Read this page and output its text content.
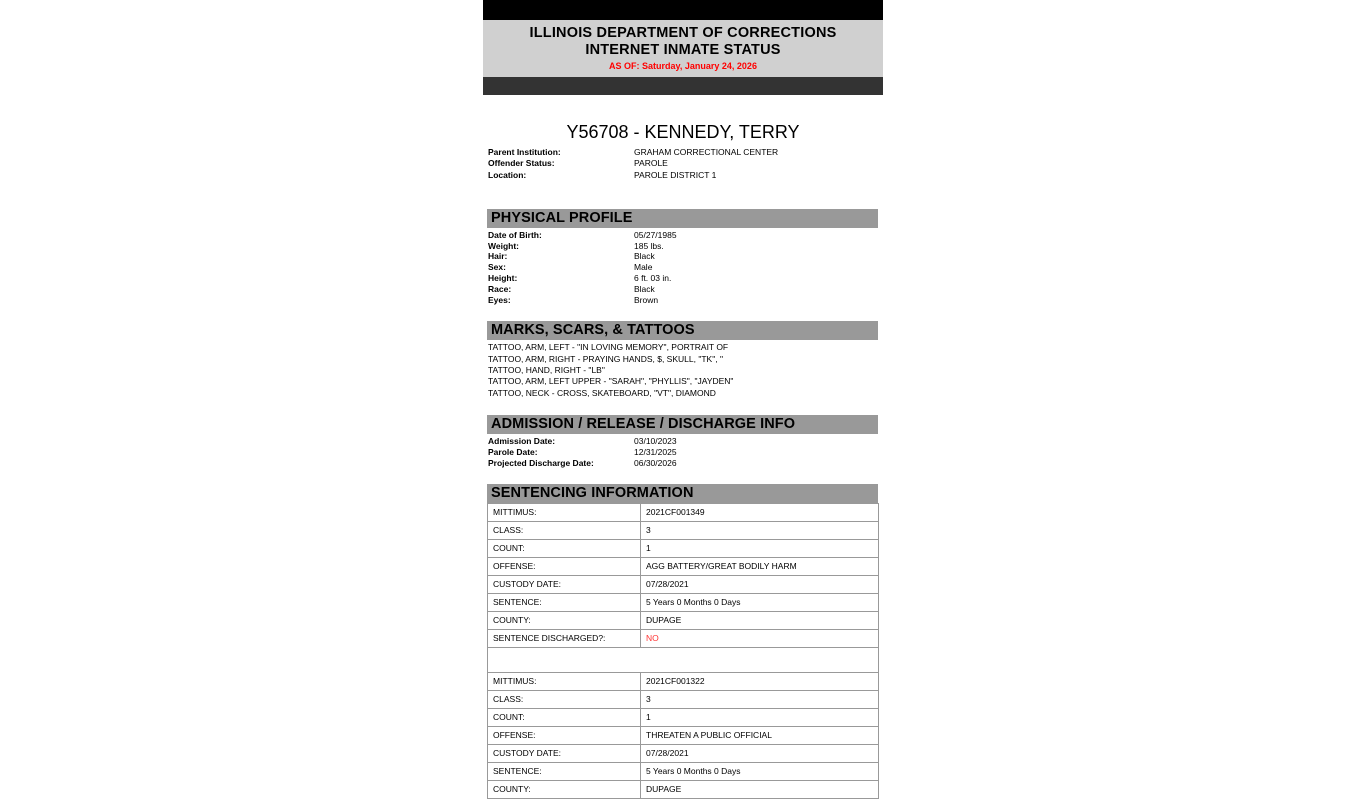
ILLINOIS DEPARTMENT OF CORRECTIONS
INTERNET INMATE STATUS
AS OF: Saturday, January 24, 2026
Y56708 - KENNEDY, TERRY
Parent Institution:	GRAHAM CORRECTIONAL CENTER
Offender Status:	PAROLE
Location:	PAROLE DISTRICT 1
PHYSICAL PROFILE
Date of Birth:	05/27/1985
Weight:	185 lbs.
Hair:	Black
Sex:	Male
Height:	6 ft. 03 in.
Race:	Black
Eyes:	Brown
MARKS, SCARS, & TATTOOS
TATTOO, ARM, LEFT - "IN LOVING MEMORY", PORTRAIT OF
TATTOO, ARM, RIGHT - PRAYING HANDS, $, SKULL, "TK", "
TATTOO, HAND, RIGHT - "LB"
TATTOO, ARM, LEFT UPPER - "SARAH", "PHYLLIS", "JAYDEN"
TATTOO, NECK - CROSS, SKATEBOARD, "VT", DIAMOND
ADMISSION / RELEASE / DISCHARGE INFO
Admission Date:	03/10/2023
Parole Date:	12/31/2025
Projected Discharge Date:	06/30/2026
SENTENCING INFORMATION
MITTIMUS:	2021CF001349
CLASS:	3
COUNT:	1
OFFENSE:	AGG BATTERY/GREAT BODILY HARM
CUSTODY DATE:	07/28/2021
SENTENCE:	5 Years 0 Months 0 Days
COUNTY:	DUPAGE
SENTENCE DISCHARGED?:	NO

MITTIMUS:	2021CF001322
CLASS:	3
COUNT:	1
OFFENSE:	THREATEN A PUBLIC OFFICIAL
CUSTODY DATE:	07/28/2021
SENTENCE:	5 Years 0 Months 0 Days
COUNTY:	DUPAGE
